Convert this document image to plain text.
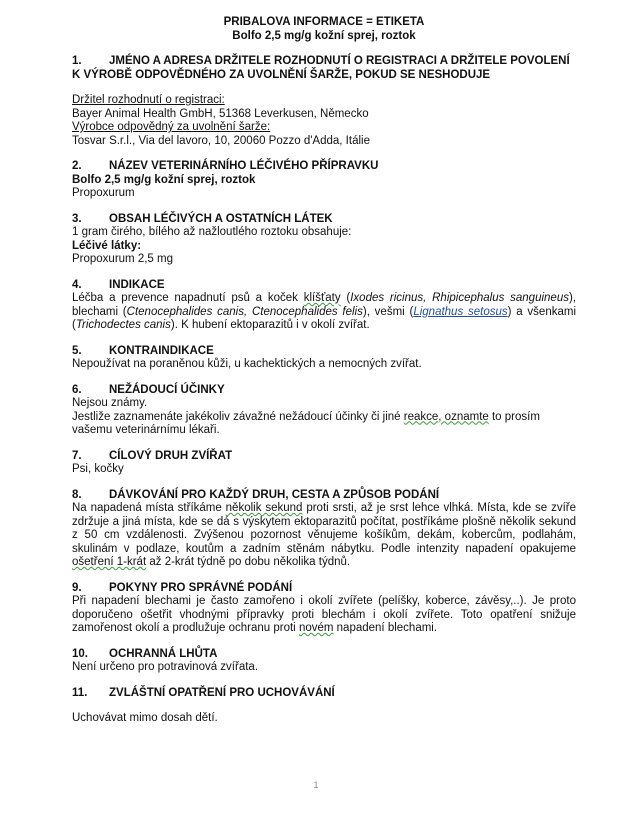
PRIBALOVA INFORMACE = ETIKETA
Bolfo 2,5 mg/g kožní sprej, roztok
1. JMÉNO A ADRESA DRŽITELE ROZHODNUTÍ O REGISTRACI A DRŽITELE POVOLENÍ K VÝROBĚ ODPOVĚDNÉHO ZA UVOLNĚNÍ ŠARŽE, POKUD SE NESHODUJE
Držitel rozhodnutí o registraci:
Bayer Animal Health GmbH, 51368 Leverkusen, Německo
Výrobce odpovědný za uvolnění šarže:
Tosvar S.r.l., Via del lavoro, 10, 20060 Pozzo d'Adda, Itálie
2.	NÁZEV VETERINÁRNÍHO LÉČIVÉHO PŘÍPRAVKU
Bolfo 2,5 mg/g kožní sprej, roztok
Propoxurum
3.	OBSAH LÉČIVÝCH A OSTATNÍCH LÁTEK
1 gram čirého, bílého až nažloutlého roztoku obsahuje:
Léčivé látky:
Propoxurum 2,5 mg
4.	INDIKACE
Léčba a prevence napadnutí psů a koček klíšťaty (Ixodes ricinus, Rhipicephalus sanguineus), blechami (Ctenocephalides canis, Ctenocephalides felis), vešmi (Lignathus setosus) a všenkami (Trichodectes canis). K hubení ektoparazitů i v okolí zvířat.
5.	KONTRAINDIKACE
Nepoužívat na poraněnou kůži, u kachektických a nemocných zvířat.
6.	NEŽÁDOUCÍ ÚČINKY
Nejsou známy.
Jestliže zaznamenáte jakékoliv závažné nežádoucí účinky či jiné reakce, oznamte to prosím vašemu veterinárnímu lékaři.
7.	CÍLOVÝ DRUH ZVÍŘAT
Psi, kočky
8.	DÁVKOVÁNÍ PRO KAŽDÝ DRUH, CESTA A ZPŮSOB PODÁNÍ
Na napadená místa stříkáme několik sekund proti srsti, až je srst lehce vlhká. Místa, kde se zvíře zdržuje a jiná místa, kde se dá s výskytem ektoparazitů počítat, postříkáme plošně několik sekund z 50 cm vzdálenosti. Zvýšenou pozornost věnujeme košíkům, dekám, kobercům, podlahám, skulinám v podlaze, koutům a zadním stěnám nábytku. Podle intenzity napadení opakujeme ošetření 1-krát až 2-krát týdně po dobu několika týdnů.
9.	POKYNY PRO SPRÁVNÉ PODÁNÍ
Při napadení blechami je často zamořeno i okolí zvířete (pelíšky, koberce, závěsy,..). Je proto doporučeno ošetřit vhodnými přípravky proti blechám i okolí zvířete. Toto opatření snižuje zamořenost okolí a prodlužuje ochranu proti novém napadení blechami.
10.	OCHRANNÁ LHŮTA
Není určeno pro potravinová zvířata.
11.	ZVLÁŠTNÍ OPATŘENÍ PRO UCHOVÁVÁNÍ
Uchovávat mimo dosah dětí.
1
